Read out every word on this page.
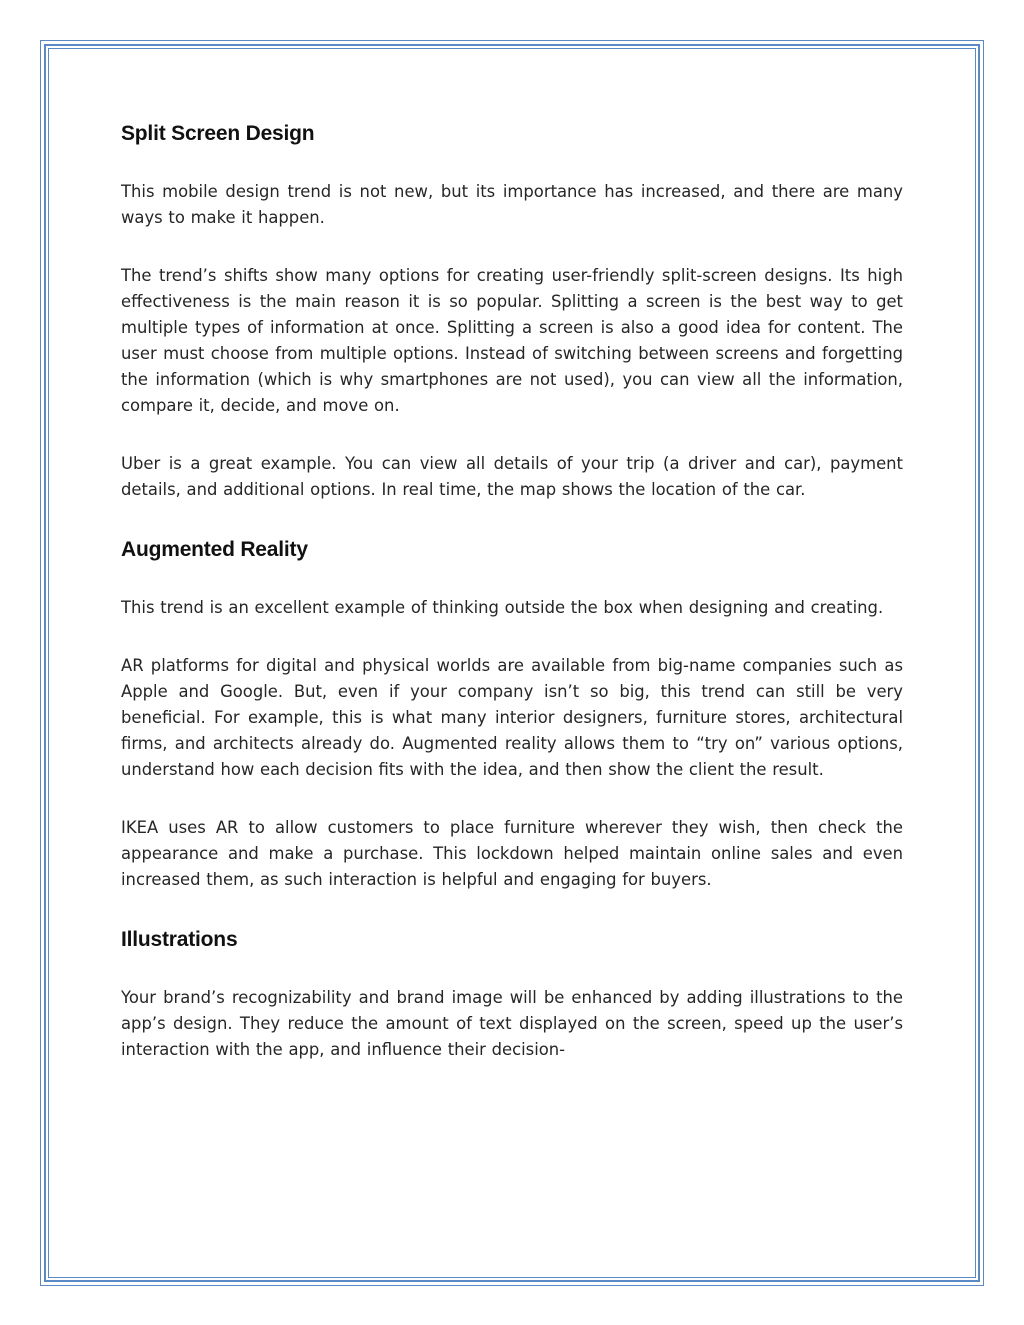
Split Screen Design

This mobile design trend is not new, but its importance has increased, and there are many ways to make it happen.

The trend’s shifts show many options for creating user-friendly split-screen designs. Its high effectiveness is the main reason it is so popular. Splitting a screen is the best way to get multiple types of information at once. Splitting a screen is also a good idea for content. The user must choose from multiple options. Instead of switching between screens and forgetting the information (which is why smartphones are not used), you can view all the information, compare it, decide, and move on.

Uber is a great example. You can view all details of your trip (a driver and car), payment details, and additional options. In real time, the map shows the location of the car.

Augmented Reality

This trend is an excellent example of thinking outside the box when designing and creating.

AR platforms for digital and physical worlds are available from big-name companies such as Apple and Google. But, even if your company isn’t so big, this trend can still be very beneficial. For example, this is what many interior designers, furniture stores, architectural firms, and architects already do. Augmented reality allows them to “try on” various options, understand how each decision fits with the idea, and then show the client the result.

IKEA uses AR to allow customers to place furniture wherever they wish, then check the appearance and make a purchase. This lockdown helped maintain online sales and even increased them, as such interaction is helpful and engaging for buyers.

Illustrations

Your brand’s recognizability and brand image will be enhanced by adding illustrations to the app’s design. They reduce the amount of text displayed on the screen, speed up the user’s interaction with the app, and influence their decision-
